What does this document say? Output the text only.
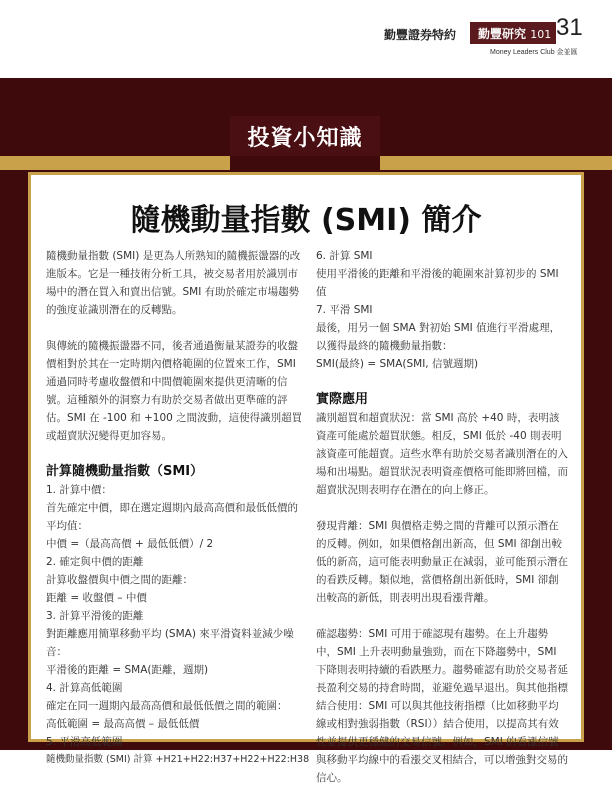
勤豐證券特約 勤豐研究 101 31
Money Leaders Club 金並匯
投資小知識
隨機動量指數 (SMI) 簡介

隨機動量指數 (SMI) 是更為人所熟知的隨機振盪器的改進版本。它是一種技術分析工具，被交易者用於識別市場中的潛在買入和賣出信號。SMI 有助於確定市場趨勢的強度並識別潛在的反轉點。

與傳統的隨機振盪器不同，後者通過衡量某證券的收盤價相對於其在一定時期內價格範圍的位置來工作，SMI 通過同時考慮收盤價和中間價範圍來提供更清晰的信號。這種額外的洞察力有助於交易者做出更準確的評估。SMI 在 -100 和 +100 之間波動，這使得識別超買或超賣狀況變得更加容易。

計算隨機動量指數（SMI）

1. 計算中價：

首先確定中價，即在選定週期內最高高價和最低低價的平均值：

中價 =（最高高價 + 最低低價）/ 2

2. 確定與中價的距離

計算收盤價與中價之間的距離：

距離 = 收盤價 – 中價

3. 計算平滑後的距離

對距離應用簡單移動平均 (SMA) 來平滑資料並減少噪音：

平滑後的距離 = SMA(距離，週期)

4. 計算高低範圍

確定在同一週期內最高高價和最低低價之間的範圍：

高低範圍 = 最高高價 – 最低低價

5. 平滑高低範圍

隨機動量指數 (SMI) 計算 +H21+H22:H37+H22+H22:H38

6. 計算 SMI

使用平滑後的距離和平滑後的範圍來計算初步的 SMI 值

7. 平滑 SMI

最後，用另一個 SMA 對初始 SMI 值進行平滑處理，以獲得最終的隨機動量指數：

SMI(最終) = SMA(SMI, 信號週期)

實際應用

識別超買和超賣狀況：當 SMI 高於 +40 時，表明該資產可能處於超買狀態。相反，SMI 低於 -40 則表明該資產可能超賣。這些水準有助於交易者識別潛在的入場和出場點。超買狀況表明資產價格可能即將回檔，而超賣狀況則表明存在潛在的向上修正。

發現背離：SMI 與價格走勢之間的背離可以預示潛在的反轉。例如，如果價格創出新高，但 SMI 卻創出較低的新高，這可能表明動量正在減弱，並可能預示潛在的看跌反轉。類似地，當價格創出新低時，SMI 卻創出較高的新低，則表明出現看漲背離。

確認趨勢：SMI 可用于確認現有趨勢。在上升趨勢中，SMI 上升表明動量強勁，而在下降趨勢中，SMI 下降則表明持續的看跌壓力。趨勢確認有助於交易者延長盈利交易的持倉時間，並避免過早退出。與其他指標結合使用：SMI 可以與其他技術指標（比如移動平均線或相對強弱指數（RSI））結合使用，以提高其有效性並提供更穩健的交易信號。例如，SMI 的看漲信號與移動平均線中的看漲交叉相結合，可以增強對交易的信心。
